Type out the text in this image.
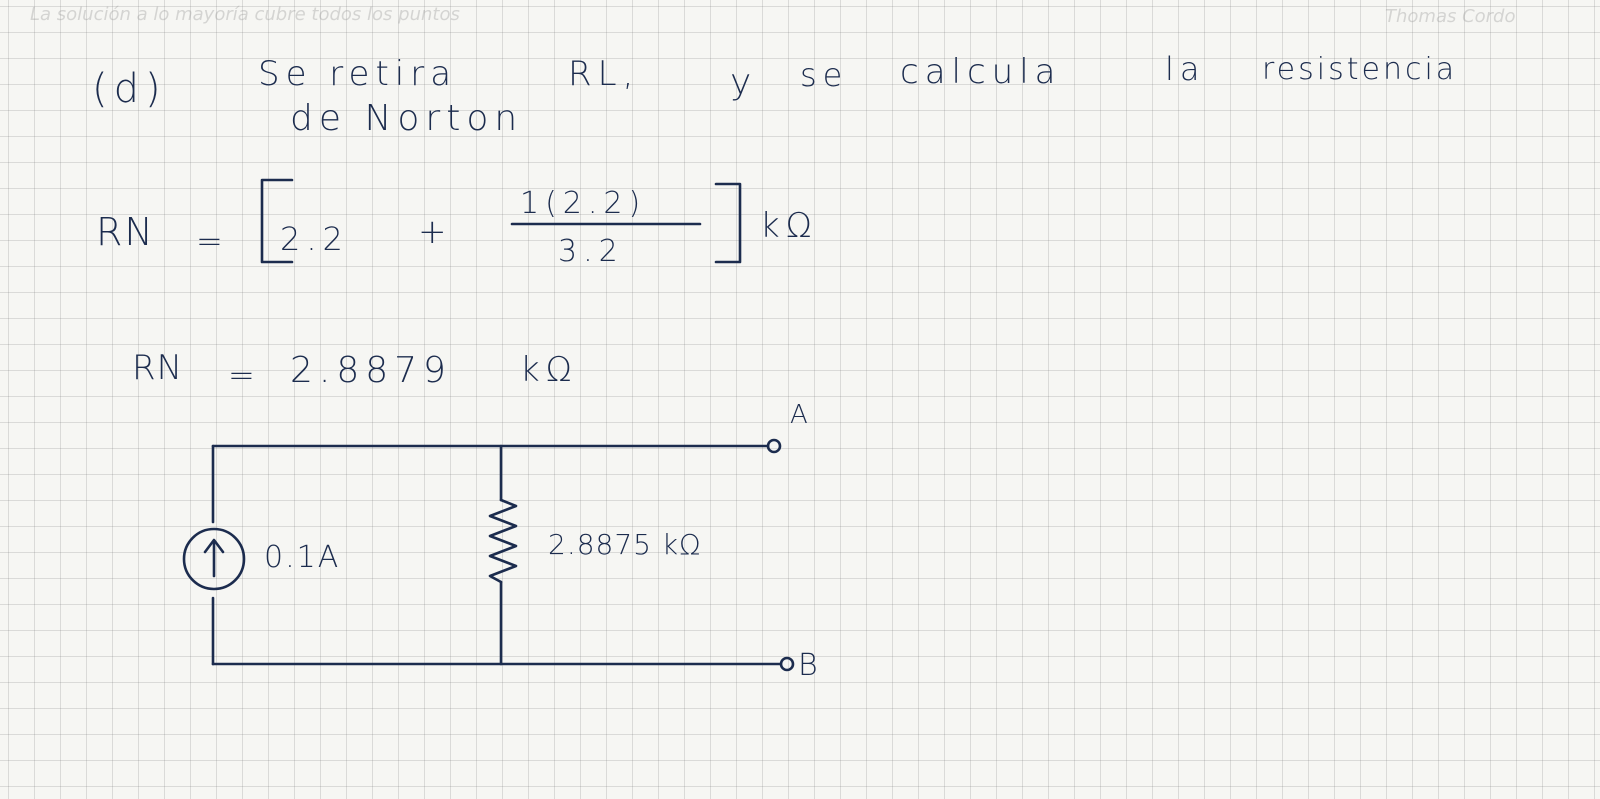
La solución a lo mayoría cubre todos los puntos	Thomas Cordo
(d)	Se retira	RL,	y se calcula	la resistencia
de Norton
RN = 2.2 +
1(2.2)
3.2
kΩ
RN = 2.8879 kΩ
0.1A	2.8875 kΩ
A
B
